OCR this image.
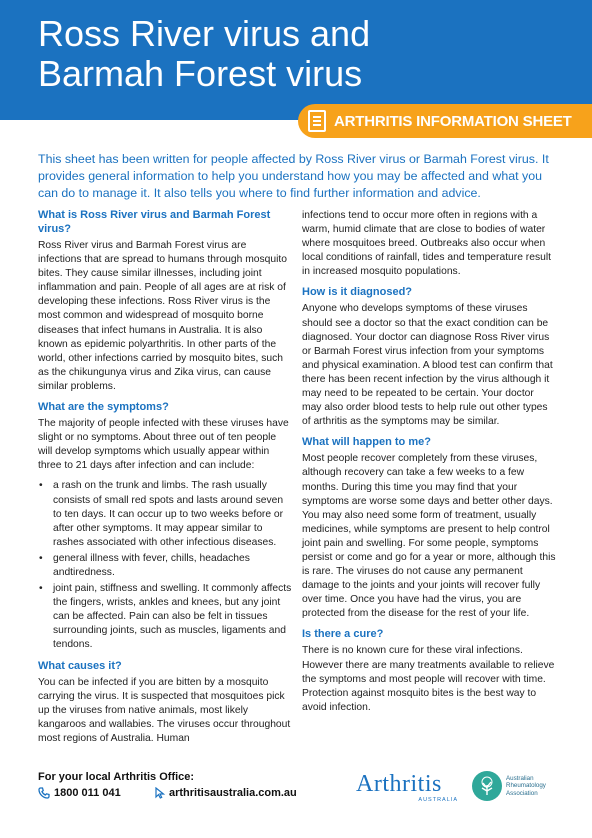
Ross River virus and
Barmah Forest virus
ARTHRITIS INFORMATION SHEET

This sheet has been written for people affected by Ross River virus or Barmah Forest virus. It provides general information to help you understand how you may be affected and what you can do to manage it. It also tells you where to find further information and advice.

What is Ross River virus and Barmah Forest virus?

Ross River virus and Barmah Forest virus are infections that are spread to humans through mosquito bites. They cause similar illnesses, including joint inflammation and pain. People of all ages are at risk of developing these infections. Ross River virus is the most common and widespread of mosquito borne diseases that infect humans in Australia. It is also known as epidemic polyarthritis. In other parts of the world, other infections carried by mosquito bites, such as the chikungunya virus and Zika virus, can cause similar problems.

What are the symptoms?

The majority of people infected with these viruses have slight or no symptoms. About three out of ten people will develop symptoms which usually appear within three to 21 days after infection and can include:

• a rash on the trunk and limbs. The rash usually consists of small red spots and lasts around seven to ten days. It can occur up to two weeks before or after other symptoms. It may appear similar to rashes associated with other infectious diseases.
• general illness with fever, chills, headaches andtiredness.
• joint pain, stiffness and swelling. It commonly affects the fingers, wrists, ankles and knees, but any joint can be affected. Pain can also be felt in tissues surrounding joints, such as muscles, ligaments and tendons.
What causes it?

You can be infected if you are bitten by a mosquito carrying the virus. It is suspected that mosquitoes pick up the viruses from native animals, most likely kangaroos and wallabies. The viruses occur throughout most regions of Australia. Human

infections tend to occur more often in regions with a warm, humid climate that are close to bodies of water where mosquitoes breed. Outbreaks also occur when local conditions of rainfall, tides and temperature result in increased mosquito populations.

How is it diagnosed?

Anyone who develops symptoms of these viruses should see a doctor so that the exact condition can be diagnosed. Your doctor can diagnose Ross River virus or Barmah Forest virus infection from your symptoms and physical examination. A blood test can confirm that there has been recent infection by the virus although it may need to be repeated to be certain. Your doctor may also order blood tests to help rule out other types of arthritis as the symptoms may be similar.

What will happen to me?

Most people recover completely from these viruses, although recovery can take a few weeks to a few months. During this time you may find that your symptoms are worse some days and better other days. You may also need some form of treatment, usually medicines, while symptoms are present to help control joint pain and swelling. For some people, symptoms persist or come and go for a year or more, although this is rare. The viruses do not cause any permanent damage to the joints and your joints will recover fully over time. Once you have had the virus, you are protected from the disease for the rest of your life.

Is there a cure?

There is no known cure for these viral infections. However there are many treatments available to relieve the symptoms and most people will recover with time. Protection against mosquito bites is the best way to avoid infection.

For your local Arthritis Office:
1800 011 041	arthritisaustralia.com.au Arthritis
AUSTRALIA
Australian
Rheumatology
Association
